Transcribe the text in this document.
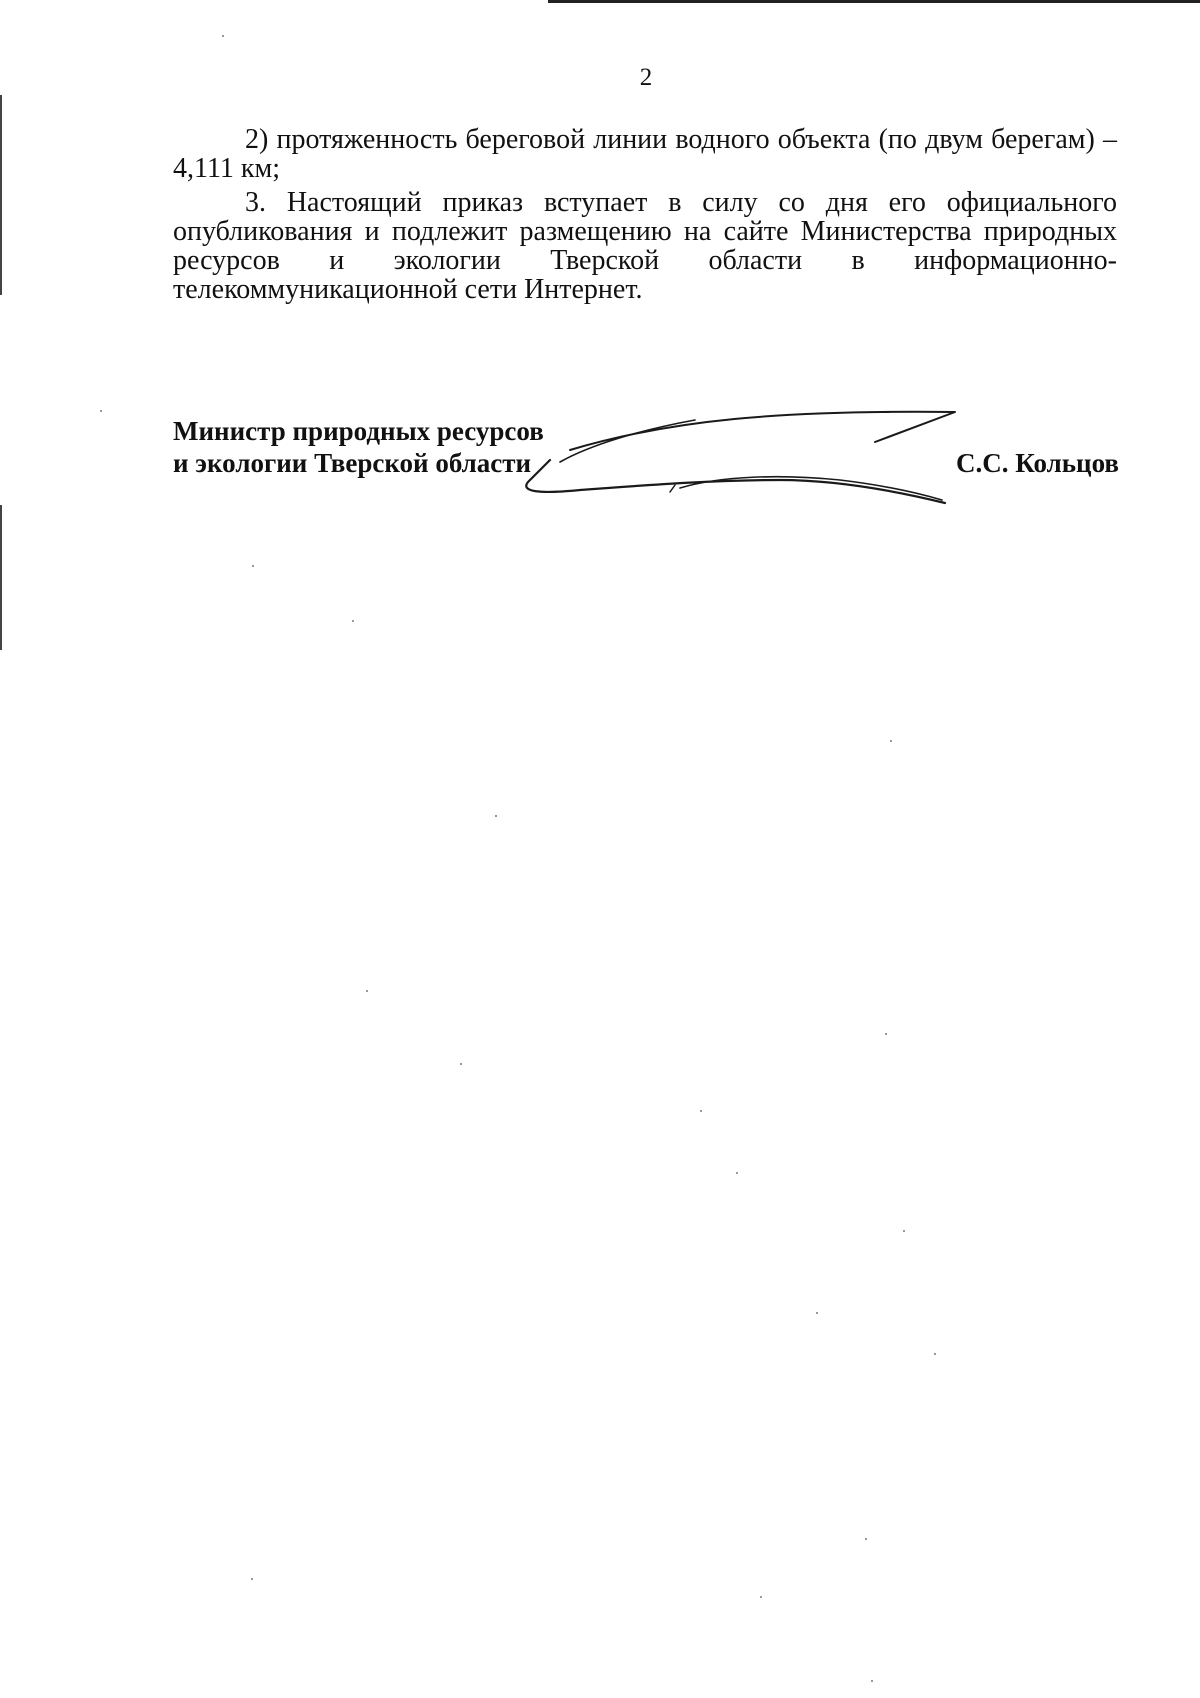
2

2) протяженность береговой линии водного объекта (по двум берегам) – 4,111 км;

3. Настоящий приказ вступает в силу со дня его официального опубликования и подлежит размещению на сайте Министерства природных ресурсов и экологии Тверской области в информационно-телекоммуникационной сети Интернет.

Министр природных ресурсов
и экологии Тверской области	С.С. Кольцов
